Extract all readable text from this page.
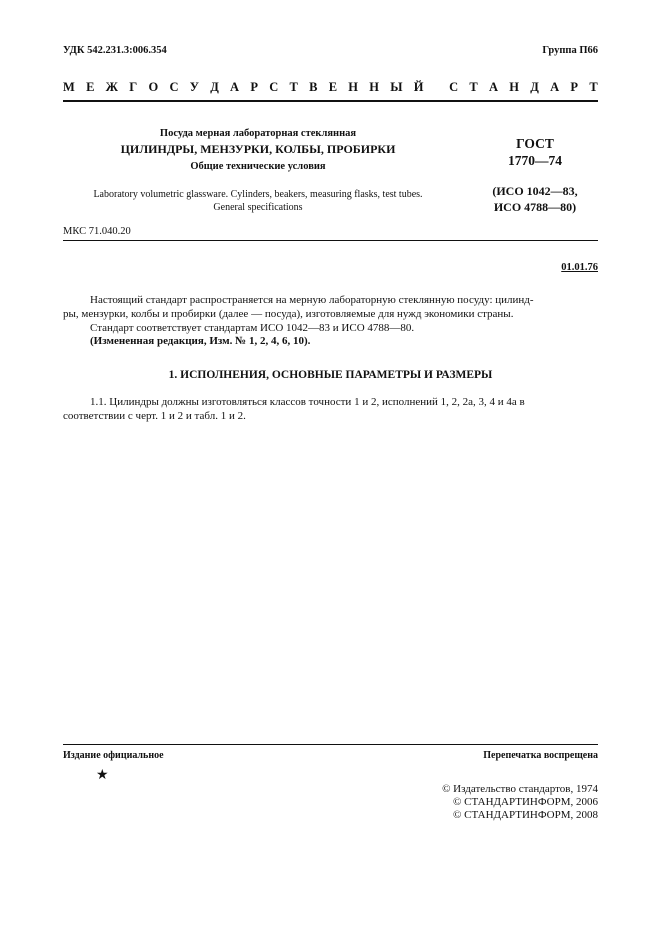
УДК 542.231.3:006.354	Группа П66
М Е Ж Г О С У Д А Р С Т В Е Н Н Ы Й
С Т А Н Д А Р Т
Посуда мерная лабораторная стеклянная
ЦИЛИНДРЫ, МЕНЗУРКИ, КОЛБЫ, ПРОБИРКИ
Общие технические условия
Laboratory volumetric glassware. Cylinders, beakers, measuring flasks, test tubes.
General specifications
ГОСТ
1770—74
(ИСО 1042—83,
ИСО 4788—80)
МКС 71.040.20
01.01.76
Настоящий стандарт распространяется на мерную лабораторную стеклянную посуду: цилинд-
ры, мензурки, колбы и пробирки (далее — посуда), изготовляемые для нужд экономики страны.
Стандарт соответствует стандартам ИСО 1042—83 и ИСО 4788—80.
(Измененная редакция, Изм. № 1, 2, 4, 6, 10).
1. ИСПОЛНЕНИЯ, ОСНОВНЫЕ ПАРАМЕТРЫ И РАЗМЕРЫ
1.1. Цилиндры должны изготовляться классов точности 1 и 2, исполнений 1, 2, 2а, 3, 4 и 4а в
соответствии с черт. 1 и 2 и табл. 1 и 2.
Издание официальное	Перепечатка воспрещена
★
© Издательство стандартов, 1974
© СТАНДАРТИНФОРМ, 2006
© СТАНДАРТИНФОРМ, 2008
